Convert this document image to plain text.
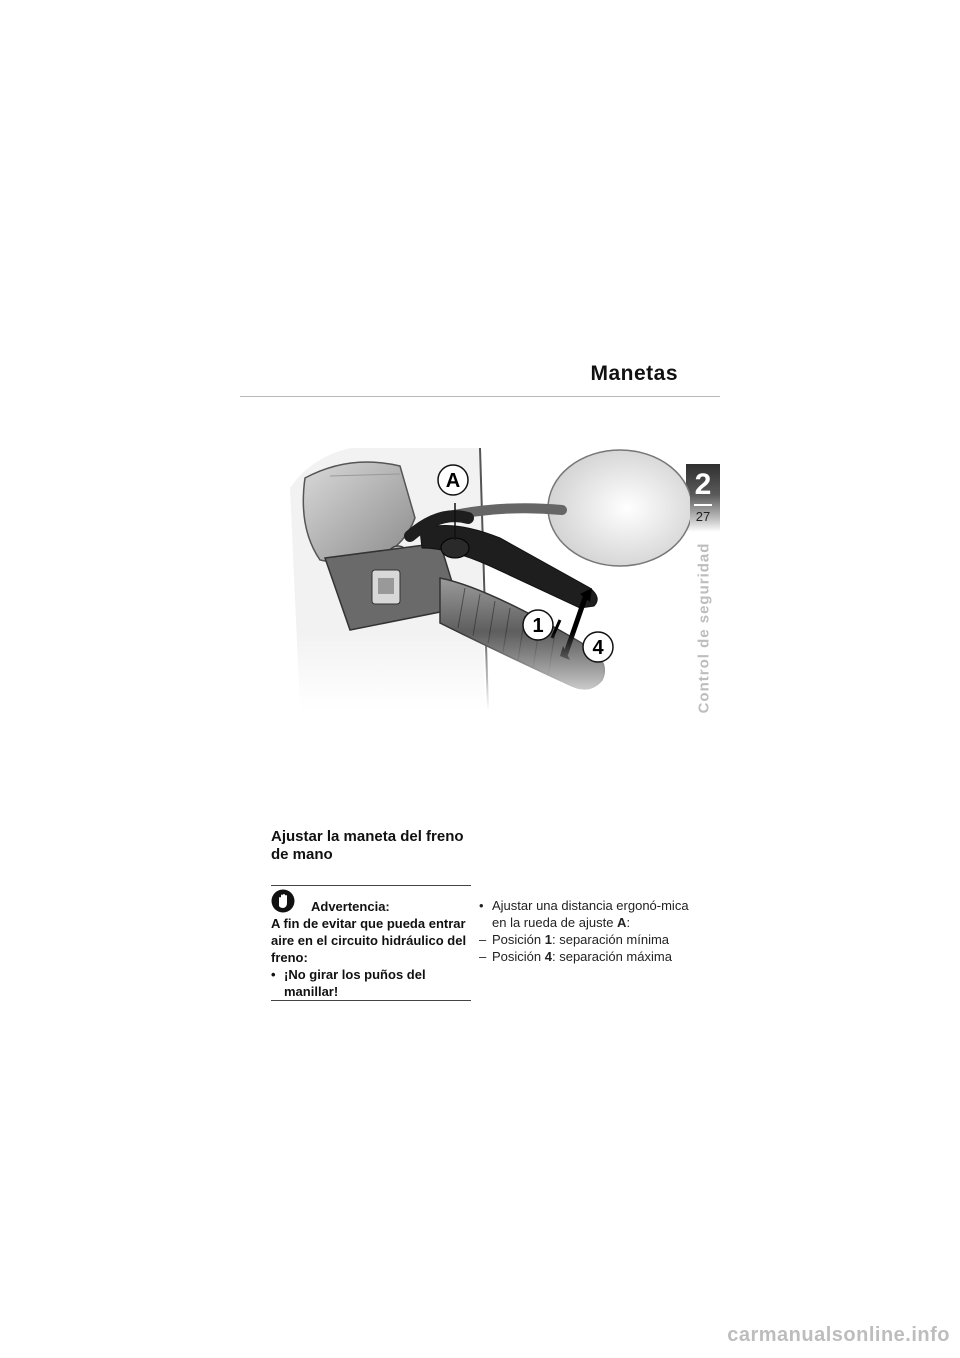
Manetas
2
27
Control de seguridad
A
1
4
Ajustar la maneta del freno de mano
Advertencia:
A fin de evitar que pueda entrar aire en el circuito hidráulico del freno:
• ¡No girar los puños del manillar!
• Ajustar una distancia ergonó-mica en la rueda de ajuste A:
– Posición 1: separación mínima
– Posición 4: separación máxima
carmanualsonline.info
